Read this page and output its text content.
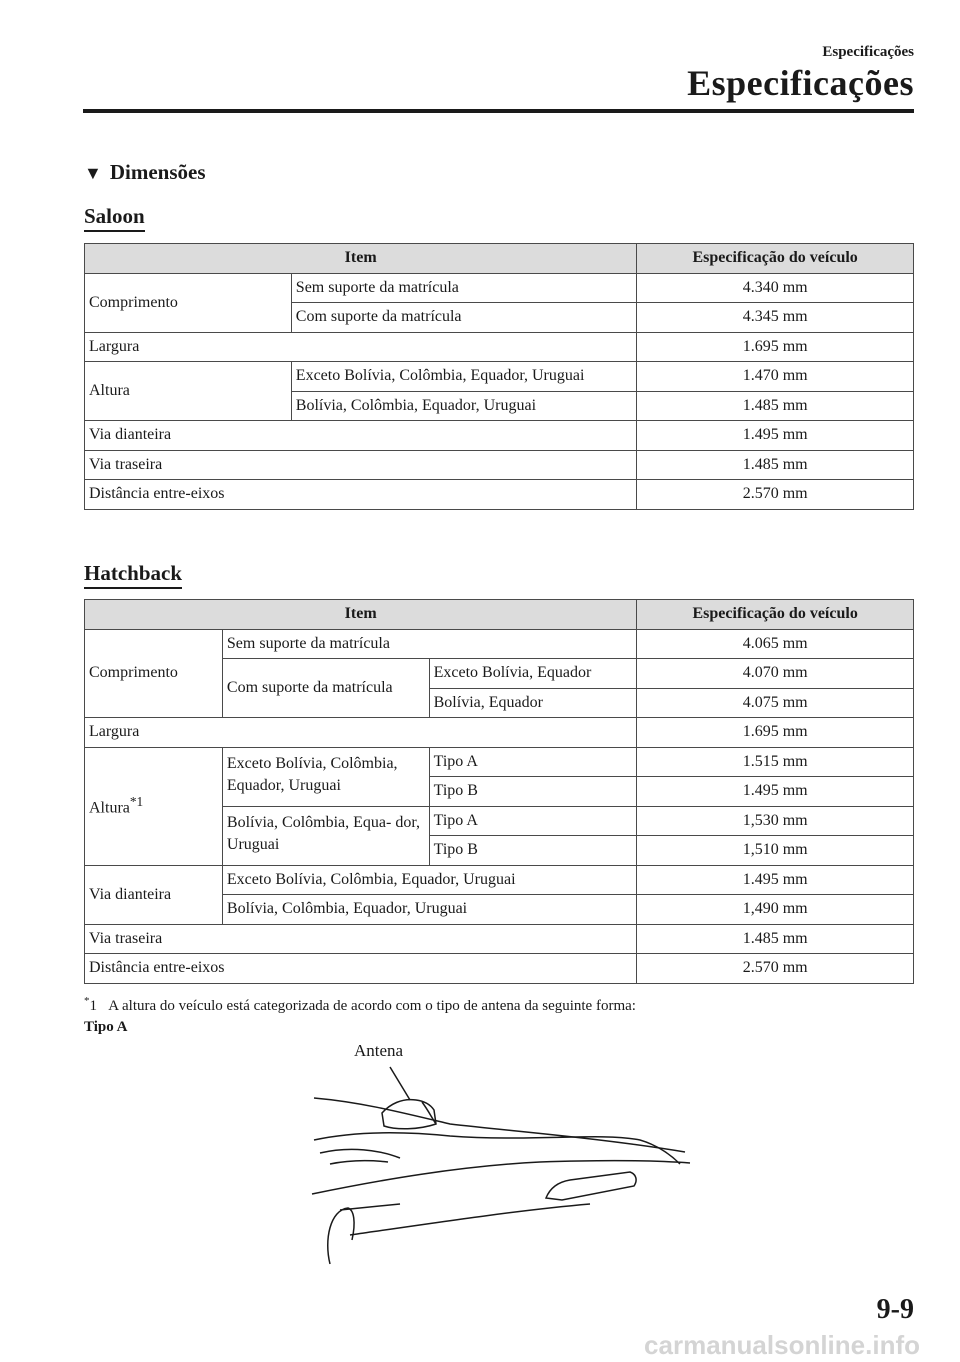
Especificações
Especificações
▼ Dimensões
Saloon
Item		Especificação do veículo
Comprimento	Sem suporte da matrícula	4.340 mm
	Com suporte da matrícula	4.345 mm
Largura		1.695 mm
Altura	Exceto Bolívia, Colômbia, Equador, Uruguai	1.470 mm
	Bolívia, Colômbia, Equador, Uruguai	1.485 mm
Via dianteira		1.495 mm
Via traseira		1.485 mm
Distância entre-eixos		2.570 mm
Hatchback
Item			Especificação do veículo
Comprimento	Sem suporte da matrícula		4.065 mm
	Com suporte da matrícula	Exceto Bolívia, Equador	4.070 mm
		Bolívia, Equador	4.075 mm
Largura			1.695 mm
Altura$^{*1}$	Exceto Bolívia, Colômbia, Equador, Uruguai	Tipo A	1.515 mm
		Tipo B	1.495 mm
	Bolívia, Colômbia, Equa- dor, Uruguai	Tipo A	1,530 mm
		Tipo B	1,510 mm
Via dianteira	Exceto Bolívia, Colômbia, Equador, Uruguai		1.495 mm
	Bolívia, Colômbia, Equador, Uruguai		1,490 mm
Via traseira			1.485 mm
Distância entre-eixos			2.570 mm
*1 A altura do veículo está categorizada de acordo com o tipo de antena da seguinte forma:
Tipo A
Antena
9-9
carmanualsonline.info
